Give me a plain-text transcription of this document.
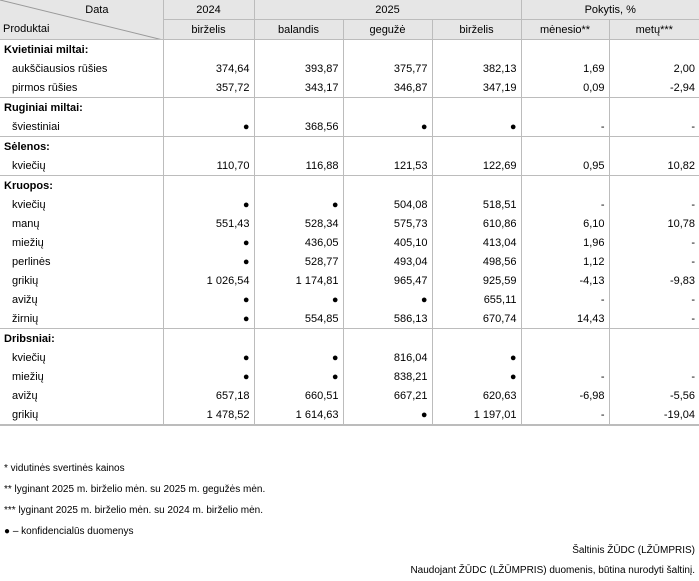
Data
Produktai	2024	2025			Pokytis, %	
	birželis	balandis	gegužė	birželis	mėnesio**	metų***
Kvietiniai miltai:						
aukščiausios rūšies	374,64	393,87	375,77	382,13	1,69	2,00
pirmos rūšies	357,72	343,17	346,87	347,19	0,09	-2,94
Ruginiai miltai:						
šviestiniai	●	368,56	●	●	-	-
Sėlenos:						
kviečių	110,70	116,88	121,53	122,69	0,95	10,82
Kruopos:						
kviečių	●	●	504,08	518,51	-	-
manų	551,43	528,34	575,73	610,86	6,10	10,78
miežių	●	436,05	405,10	413,04	1,96	-
perlinės	●	528,77	493,04	498,56	1,12	-
grikių	1 026,54	1 174,81	965,47	925,59	-4,13	-9,83
avižų	●	●	●	655,11	-	-
žirnių	●	554,85	586,13	670,74	14,43	-
Dribsniai:						
kviečių	●	●	816,04	●		
miežių	●	●	838,21	●	-	-
avižų	657,18	660,51	667,21	620,63	-6,98	-5,56
grikių	1 478,52	1 614,63	●	1 197,01	-	-19,04
* vidutinės svertinės kainos
** lyginant 2025 m. birželio mėn. su 2025 m. gegužės mėn.
*** lyginant 2025 m. birželio mėn. su 2024 m. birželio mėn.
● – konfidencialūs duomenys
Šaltinis ŽŪDC (LŽŪMPRIS)
Naudojant ŽŪDC (LŽŪMPRIS) duomenis, būtina nurodyti šaltinį.
